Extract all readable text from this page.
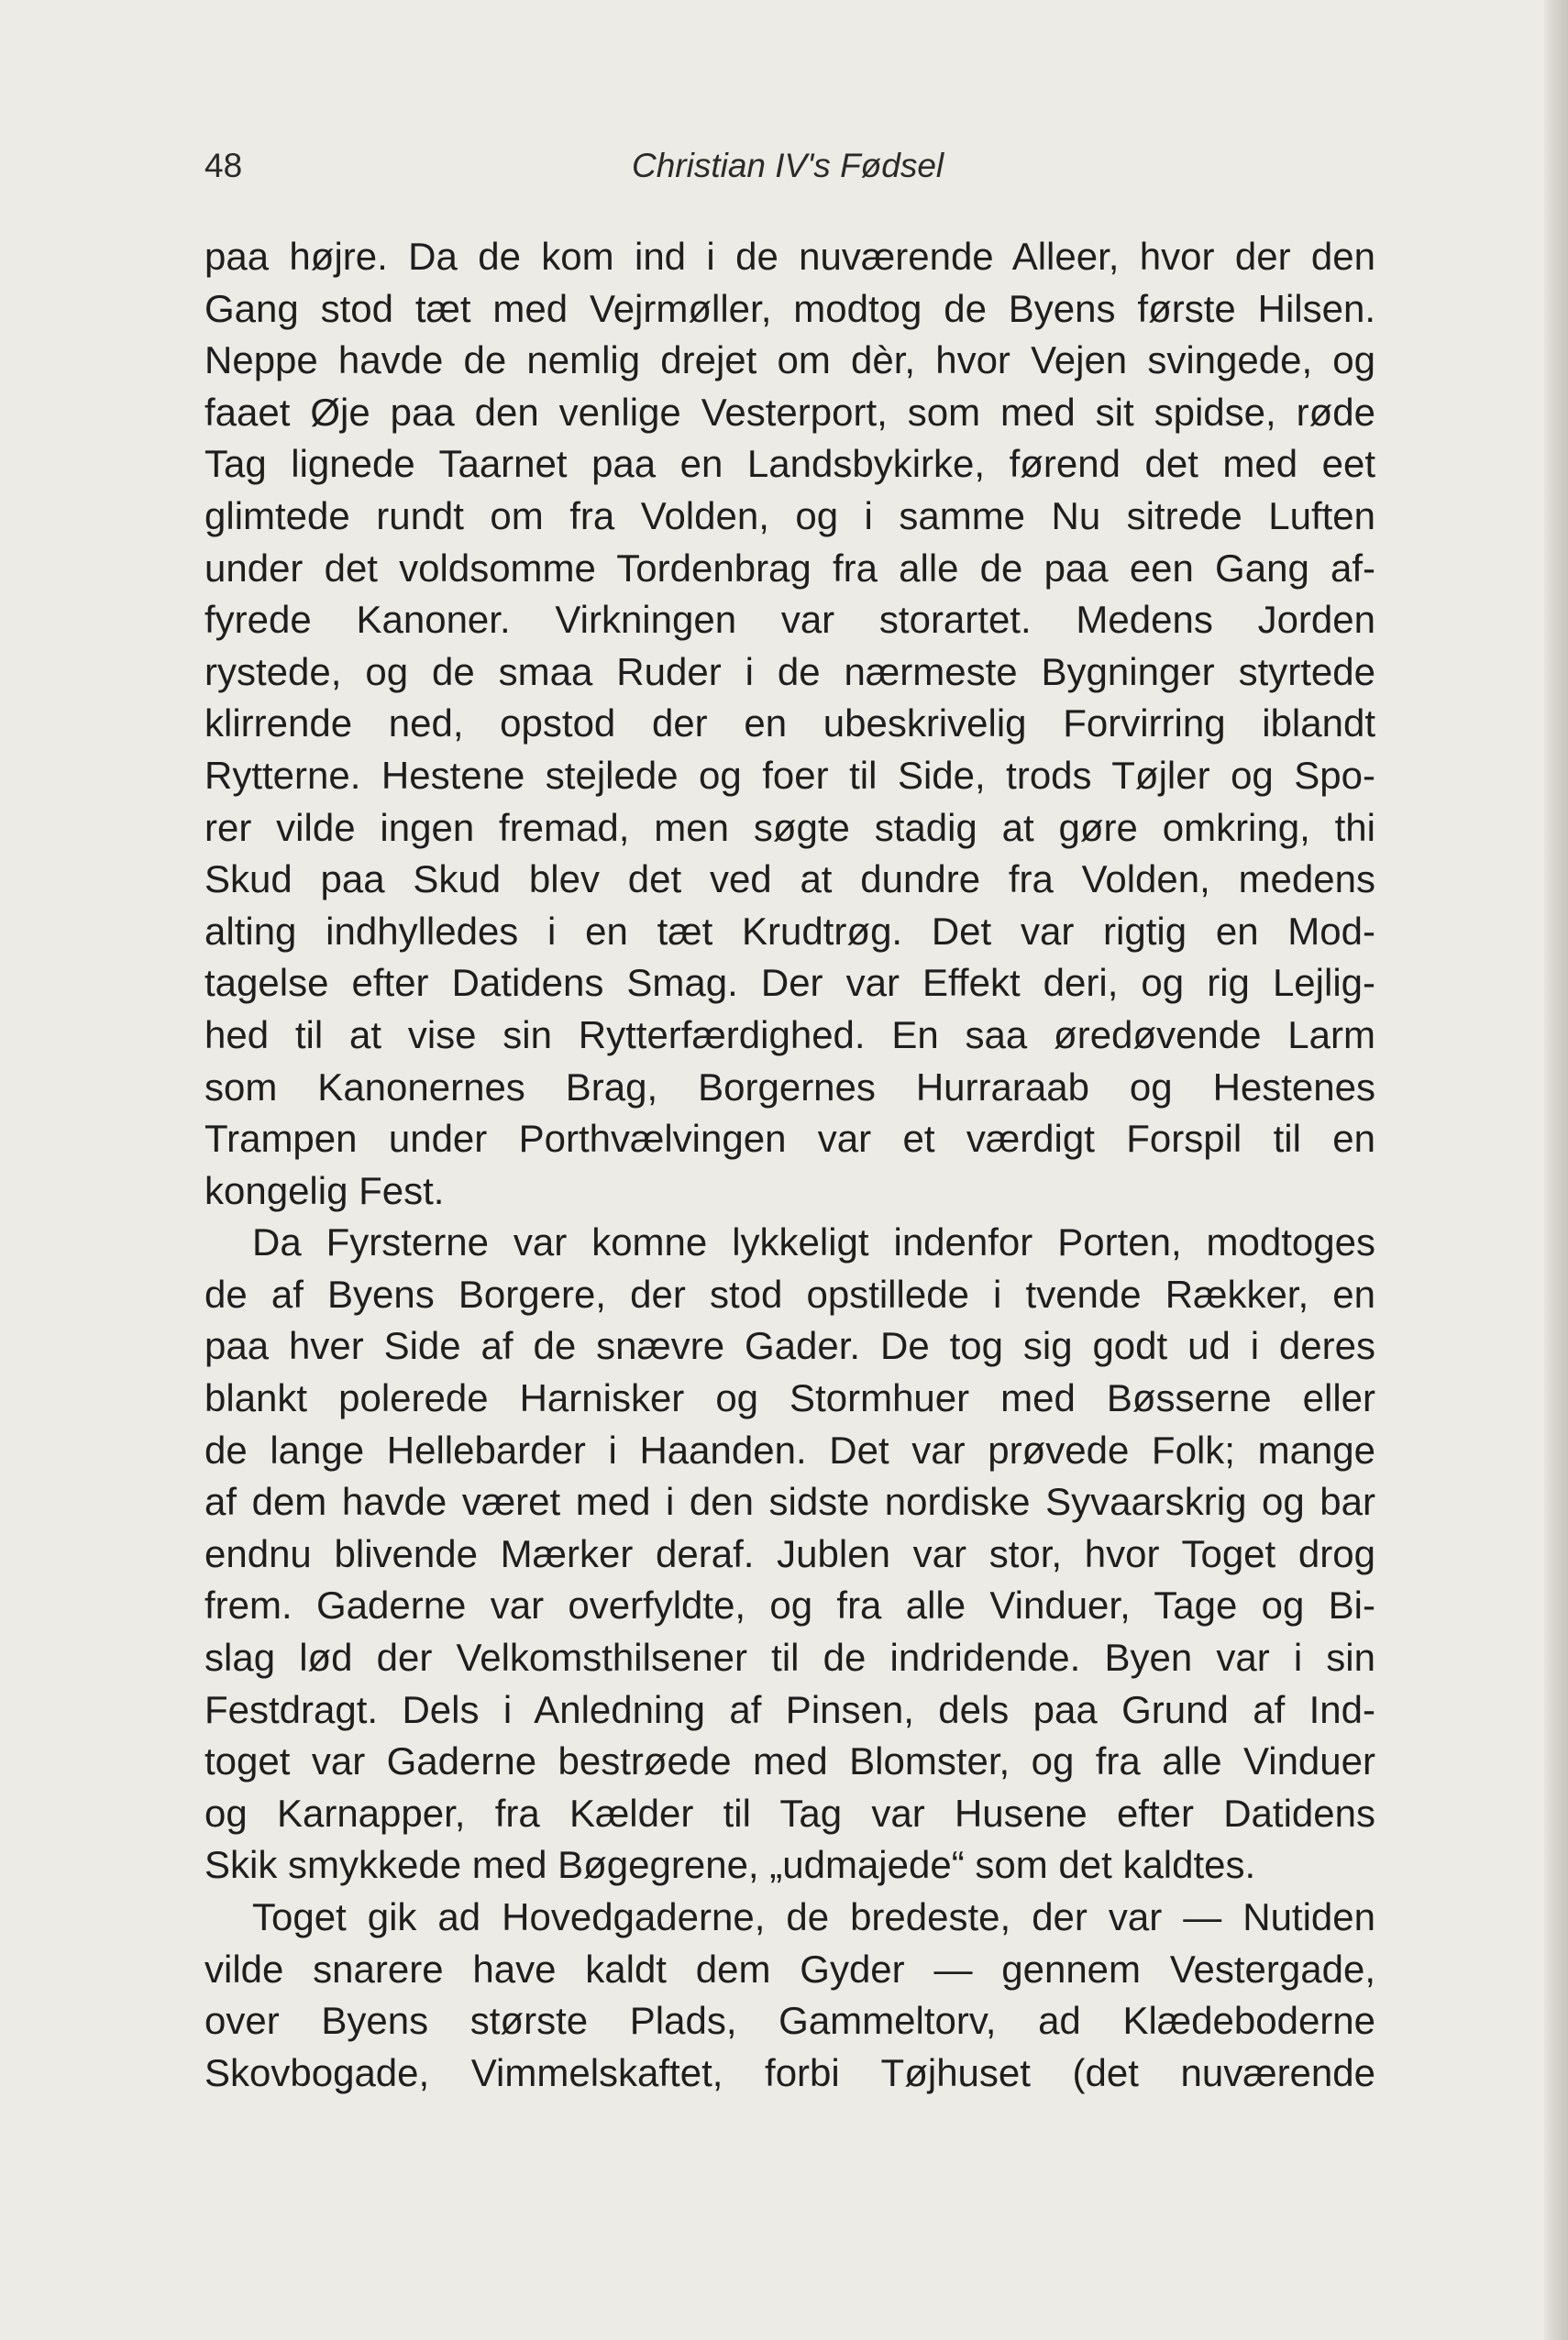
48	Christian IV's Fødsel
paa højre. Da de kom ind i de nuværende Alleer, hvor der den
Gang stod tæt med Vejrmøller, modtog de Byens første Hilsen.
Neppe havde de nemlig drejet om dèr, hvor Vejen svingede, og
faaet Øje paa den venlige Vesterport, som med sit spidse, røde
Tag lignede Taarnet paa en Landsbykirke, førend det med eet
glimtede rundt om fra Volden, og i samme Nu sitrede Luften
under det voldsomme Tordenbrag fra alle de paa een Gang af-
fyrede Kanoner. Virkningen var storartet. Medens Jorden
rystede, og de smaa Ruder i de nærmeste Bygninger styrtede
klirrende ned, opstod der en ubeskrivelig Forvirring iblandt
Rytterne. Hestene stejlede og foer til Side, trods Tøjler og Spo-
rer vilde ingen fremad, men søgte stadig at gøre omkring, thi
Skud paa Skud blev det ved at dundre fra Volden, medens
alting indhylledes i en tæt Krudtrøg. Det var rigtig en Mod-
tagelse efter Datidens Smag. Der var Effekt deri, og rig Lejlig-
hed til at vise sin Rytterfærdighed. En saa øredøvende Larm
som Kanonernes Brag, Borgernes Hurraraab og Hestenes
Trampen under Porthvælvingen var et værdigt Forspil til en
kongelig Fest.
Da Fyrsterne var komne lykkeligt indenfor Porten, modtoges
de af Byens Borgere, der stod opstillede i tvende Rækker, en
paa hver Side af de snævre Gader. De tog sig godt ud i deres
blankt polerede Harnisker og Stormhuer med Bøsserne eller
de lange Hellebarder i Haanden. Det var prøvede Folk; mange
af dem havde været med i den sidste nordiske Syvaarskrig og bar
endnu blivende Mærker deraf. Jublen var stor, hvor Toget drog
frem. Gaderne var overfyldte, og fra alle Vinduer, Tage og Bi-
slag lød der Velkomsthilsener til de indridende. Byen var i sin
Festdragt. Dels i Anledning af Pinsen, dels paa Grund af Ind-
toget var Gaderne bestrøede med Blomster, og fra alle Vinduer
og Karnapper, fra Kælder til Tag var Husene efter Datidens
Skik smykkede med Bøgegrene, „udmajede“ som det kaldtes.
Toget gik ad Hovedgaderne, de bredeste, der var — Nutiden
vilde snarere have kaldt dem Gyder — gennem Vestergade,
over Byens største Plads, Gammeltorv, ad Klædeboderne
Skovbogade, Vimmelskaftet, forbi Tøjhuset (det nuværende
